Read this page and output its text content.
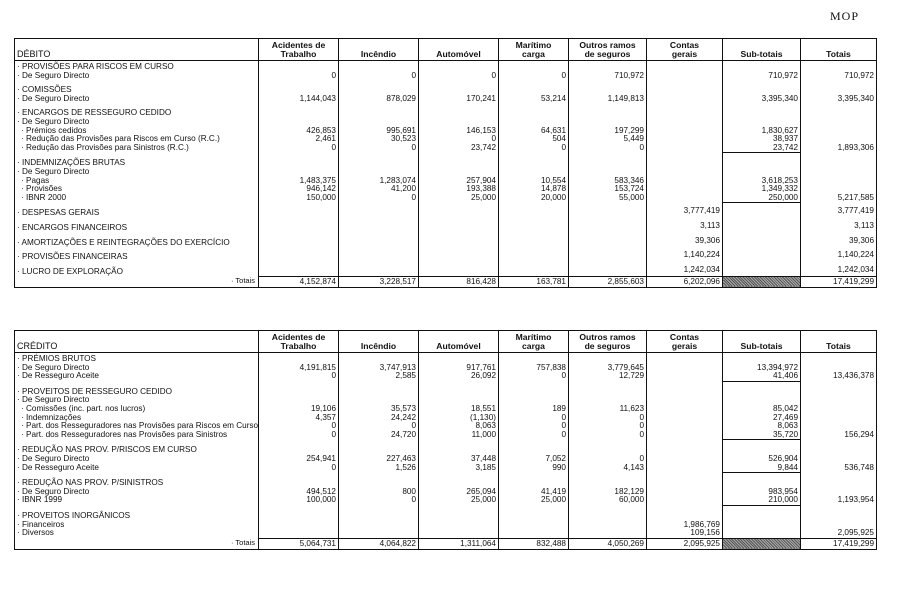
MOP
DÉBITO	Acidentes de
Trabalho	Incêndio	Automóvel	Marítimo
carga	Outros ramos
de seguros	Contas
gerais	Sub-totais	Totais
· PROVISÕES PARA RISCOS EM CURSO								
· De Seguro Directo	0	0	0	0	710,972		710,972	710,972

· COMISSÕES								
· De Seguro Directo	1,144,043	878,029	170,241	53,214	1,149,813		3,395,340	3,395,340

· ENCARGOS DE RESSEGURO CEDIDO								
· De Seguro Directo								
· Prémios cedidos	426,853	995,691	146,153	64,631	197,299		1,830,627	
· Redução das Provisões para Riscos em Curso (R.C.)	2,461	30,523	0	504	5,449		38,937	
· Redução das Provisões para Sinistros (R.C.)	0	0	23,742	0	0		23,742	1,893,306

· INDEMNIZAÇÕES BRUTAS								
· De Seguro Directo								
· Pagas	1,483,375	1,283,074	257,904	10,554	583,346		3,618,253	
· Provisões	946,142	41,200	193,388	14,878	153,724		1,349,332	
· IBNR 2000	150,000	0	25,000	20,000	55,000		250,000	5,217,585

· DESPESAS GERAIS						3,777,419		3,777,419

· ENCARGOS FINANCEIROS						3,113		3,113

· AMORTIZAÇÕES E REINTEGRAÇÕES DO EXERCÍCIO						39,306		39,306

· PROVISÕES FINANCEIRAS						1,140,224		1,140,224

· LUCRO DE EXPLORAÇÃO						1,242,034		1,242,034
· Totais	4,152,874	3,228,517	816,428	163,781	2,855,603	6,202,096		17,419,299
CRÉDITO	Acidentes de
Trabalho	Incêndio	Automóvel	Marítimo
carga	Outros ramos
de seguros	Contas
gerais	Sub-totais	Totais
· PRÉMIOS BRUTOS								
· De Seguro Directo	4,191,815	3,747,913	917,761	757,838	3,779,645		13,394,972	
· De Resseguro Aceite	0	2,585	26,092	0	12,729		41,406	13,436,378

· PROVEITOS DE RESSEGURO CEDIDO								
· De Seguro Directo								
· Comissões (inc. part. nos lucros)	19,106	35,573	18,551	189	11,623		85,042	
· Indemnizações	4,357	24,242	(1,130)	0	0		27,469	
· Part. dos Resseguradores nas Provisões para Riscos em Curso	0	0	8,063	0	0		8,063	
· Part. dos Resseguradores nas Provisões para Sinistros	0	24,720	11,000	0	0		35,720	156,294

· REDUÇÃO NAS PROV. P/RISCOS EM CURSO								
· De Seguro Directo	254,941	227,463	37,448	7,052	0		526,904	
· De Resseguro Aceite	0	1,526	3,185	990	4,143		9,844	536,748

· REDUÇÃO NAS PROV. P/SINISTROS								
· De Seguro Directo	494,512	800	265,094	41,419	182,129		983,954	
· IBNR 1999	100,000	0	25,000	25,000	60,000		210,000	1,193,954

· PROVEITOS INORGÂNICOS								
· Financeiros						1,986,769		
· Diversos						109,156		2,095,925
· Totais	5,064,731	4,064,822	1,311,064	832,488	4,050,269	2,095,925		17,419,299
